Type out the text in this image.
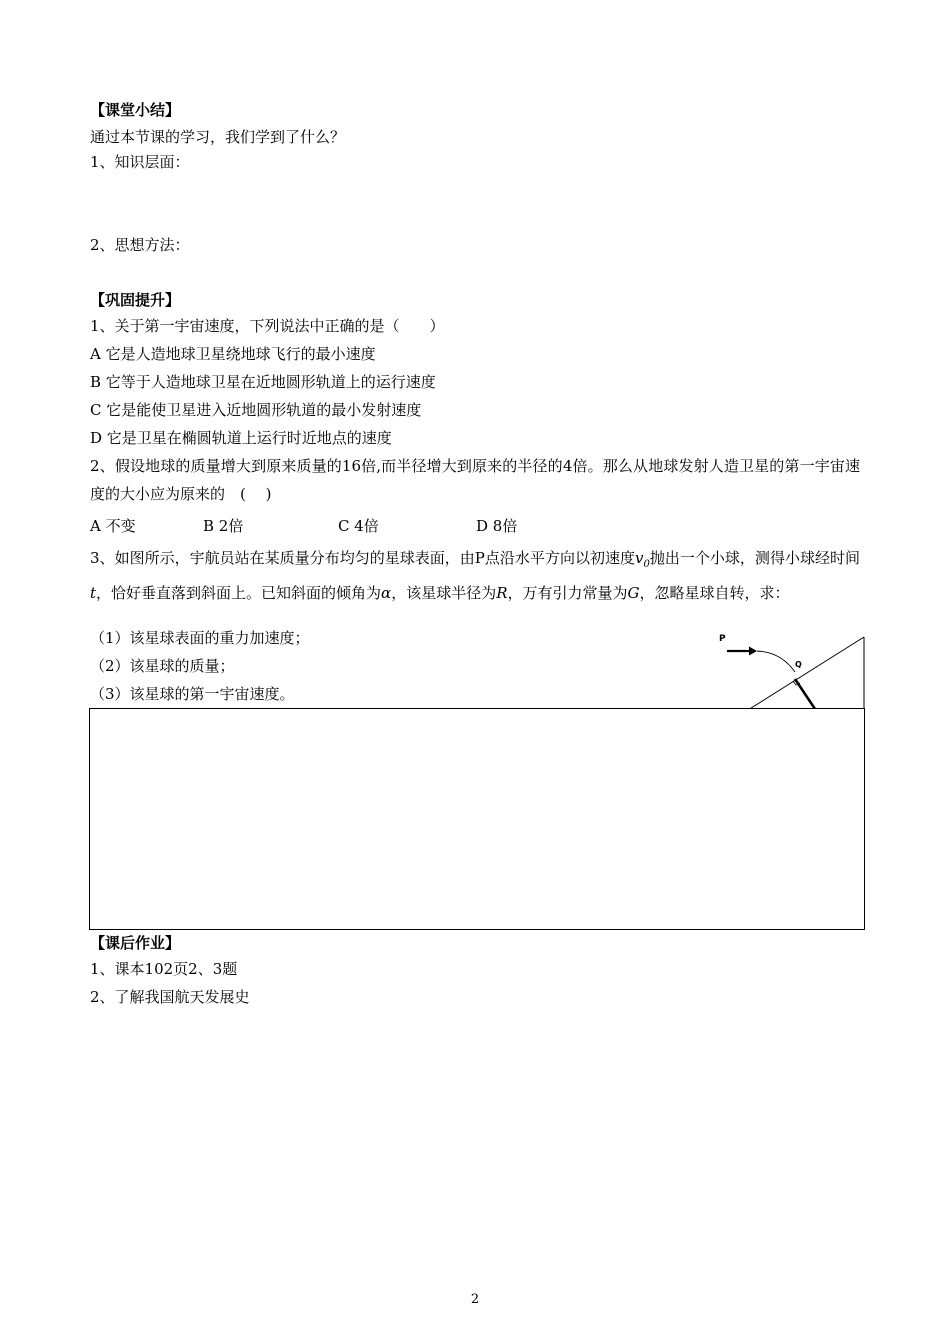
【课堂小结】
通过本节课的学习，我们学到了什么？
1、知识层面：
2、思想方法：
【巩固提升】
1、关于第一宇宙速度，下列说法中正确的是（　　）
A 它是人造地球卫星绕地球飞行的最小速度
B 它等于人造地球卫星在近地圆形轨道上的运行速度
C 它是能使卫星进入近地圆形轨道的最小发射速度
D 它是卫星在椭圆轨道上运行时近地点的速度
2、假设地球的质量增大到原来质量的16倍,而半径增大到原来的半径的4倍。那么从地球发射人造卫星的第一宇宙速度的大小应为原来的　(　 )
A 不变	B 2倍	C 4倍	D 8倍
3、如图所示，宇航员站在某质量分布均匀的星球表面，由P点沿水平方向以初速度$v_0$抛出一个小球，测得小球经时间t，恰好垂直落到斜面上。已知斜面的倾角为α，该星球半径为R，万有引力常量为G，忽略星球自转，求：
（1）该星球表面的重力加速度；
（2）该星球的质量；
（3）该星球的第一宇宙速度。
P
Q
【课后作业】
1、课本102页2、3题
2、了解我国航天发展史
2
